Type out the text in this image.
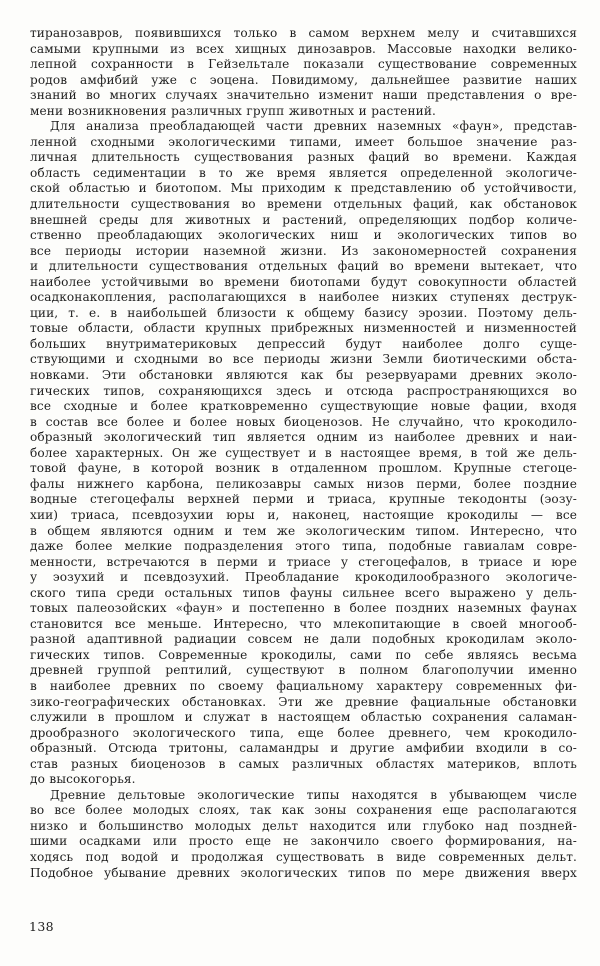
тиранозавров, появившихся только в самом верхнем мелу и считавшихся
самыми крупными из всех хищных динозавров. Массовые находки велико-
лепной сохранности в Гейзельтале показали существование современных
родов амфибий уже с эоцена. Повидимому, дальнейшее развитие наших
знаний во многих случаях значительно изменит наши представления о вре-
мени возникновения различных групп животных и растений.
Для анализа преобладающей части древних наземных «фаун», представ-
ленной сходными экологическими типами, имеет большое значение раз-
личная длительность существования разных фаций во времени. Каждая
область седиментации в то же время является определенной экологиче-
ской областью и биотопом. Мы приходим к представлению об устойчивости,
длительности существования во времени отдельных фаций, как обстановок
внешней среды для животных и растений, определяющих подбор количе-
ственно преобладающих экологических ниш и экологических типов во
все периоды истории наземной жизни. Из закономерностей сохранения
и длительности существования отдельных фаций во времени вытекает, что
наиболее устойчивыми во времени биотопами будут совокупности областей
осадконакопления, располагающихся в наиболее низких ступенях деструк-
ции, т. е. в наибольшей близости к общему базису эрозии. Поэтому дель-
товые области, области крупных прибрежных низменностей и низменностей
больших внутриматериковых депрессий будут наиболее долго суще-
ствующими и сходными во все периоды жизни Земли биотическими обста-
новками. Эти обстановки являются как бы резервуарами древних эколо-
гических типов, сохраняющихся здесь и отсюда распространяющихся во
все сходные и более кратковременно существующие новые фации, входя
в состав все более и более новых биоценозов. Не случайно, что крокодило-
образный экологический тип является одним из наиболее древних и наи-
более характерных. Он же существует и в настоящее время, в той же дель-
товой фауне, в которой возник в отдаленном прошлом. Крупные стегоце-
фалы нижнего карбона, пеликозавры самых низов перми, более поздние
водные стегоцефалы верхней перми и триаса, крупные текодонты (эозу-
хии) триаса, псевдозухии юры и, наконец, настоящие крокодилы — все
в общем являются одним и тем же экологическим типом. Интересно, что
даже более мелкие подразделения этого типа, подобные гавиалам совре-
менности, встречаются в перми и триасе у стегоцефалов, в триасе и юре
у эозухий и псевдозухий. Преобладание крокодилообразного экологиче-
ского типа среди остальных типов фауны сильнее всего выражено у дель-
товых палеозойских «фаун» и постепенно в более поздних наземных фаунах
становится все меньше. Интересно, что млекопитающие в своей многооб-
разной адаптивной радиации совсем не дали подобных крокодилам эколо-
гических типов. Современные крокодилы, сами по себе являясь весьма
древней группой рептилий, существуют в полном благополучии именно
в наиболее древних по своему фациальному характеру современных фи-
зико-географических обстановках. Эти же древние фациальные обстановки
служили в прошлом и служат в настоящем областью сохранения саламан-
дрообразного экологического типа, еще более древнего, чем крокодило-
образный. Отсюда тритоны, саламандры и другие амфибии входили в со-
став разных биоценозов в самых различных областях материков, вплоть
до высокогорья.
Древние дельтовые экологические типы находятся в убывающем числе
во все более молодых слоях, так как зоны сохранения еще располагаются
низко и большинство молодых дельт находится или глубоко над поздней-
шими осадками или просто еще не закончило своего формирования, на-
ходясь под водой и продолжая существовать в виде современных дельт.
Подобное убывание древних экологических типов по мере движения вверх
138
